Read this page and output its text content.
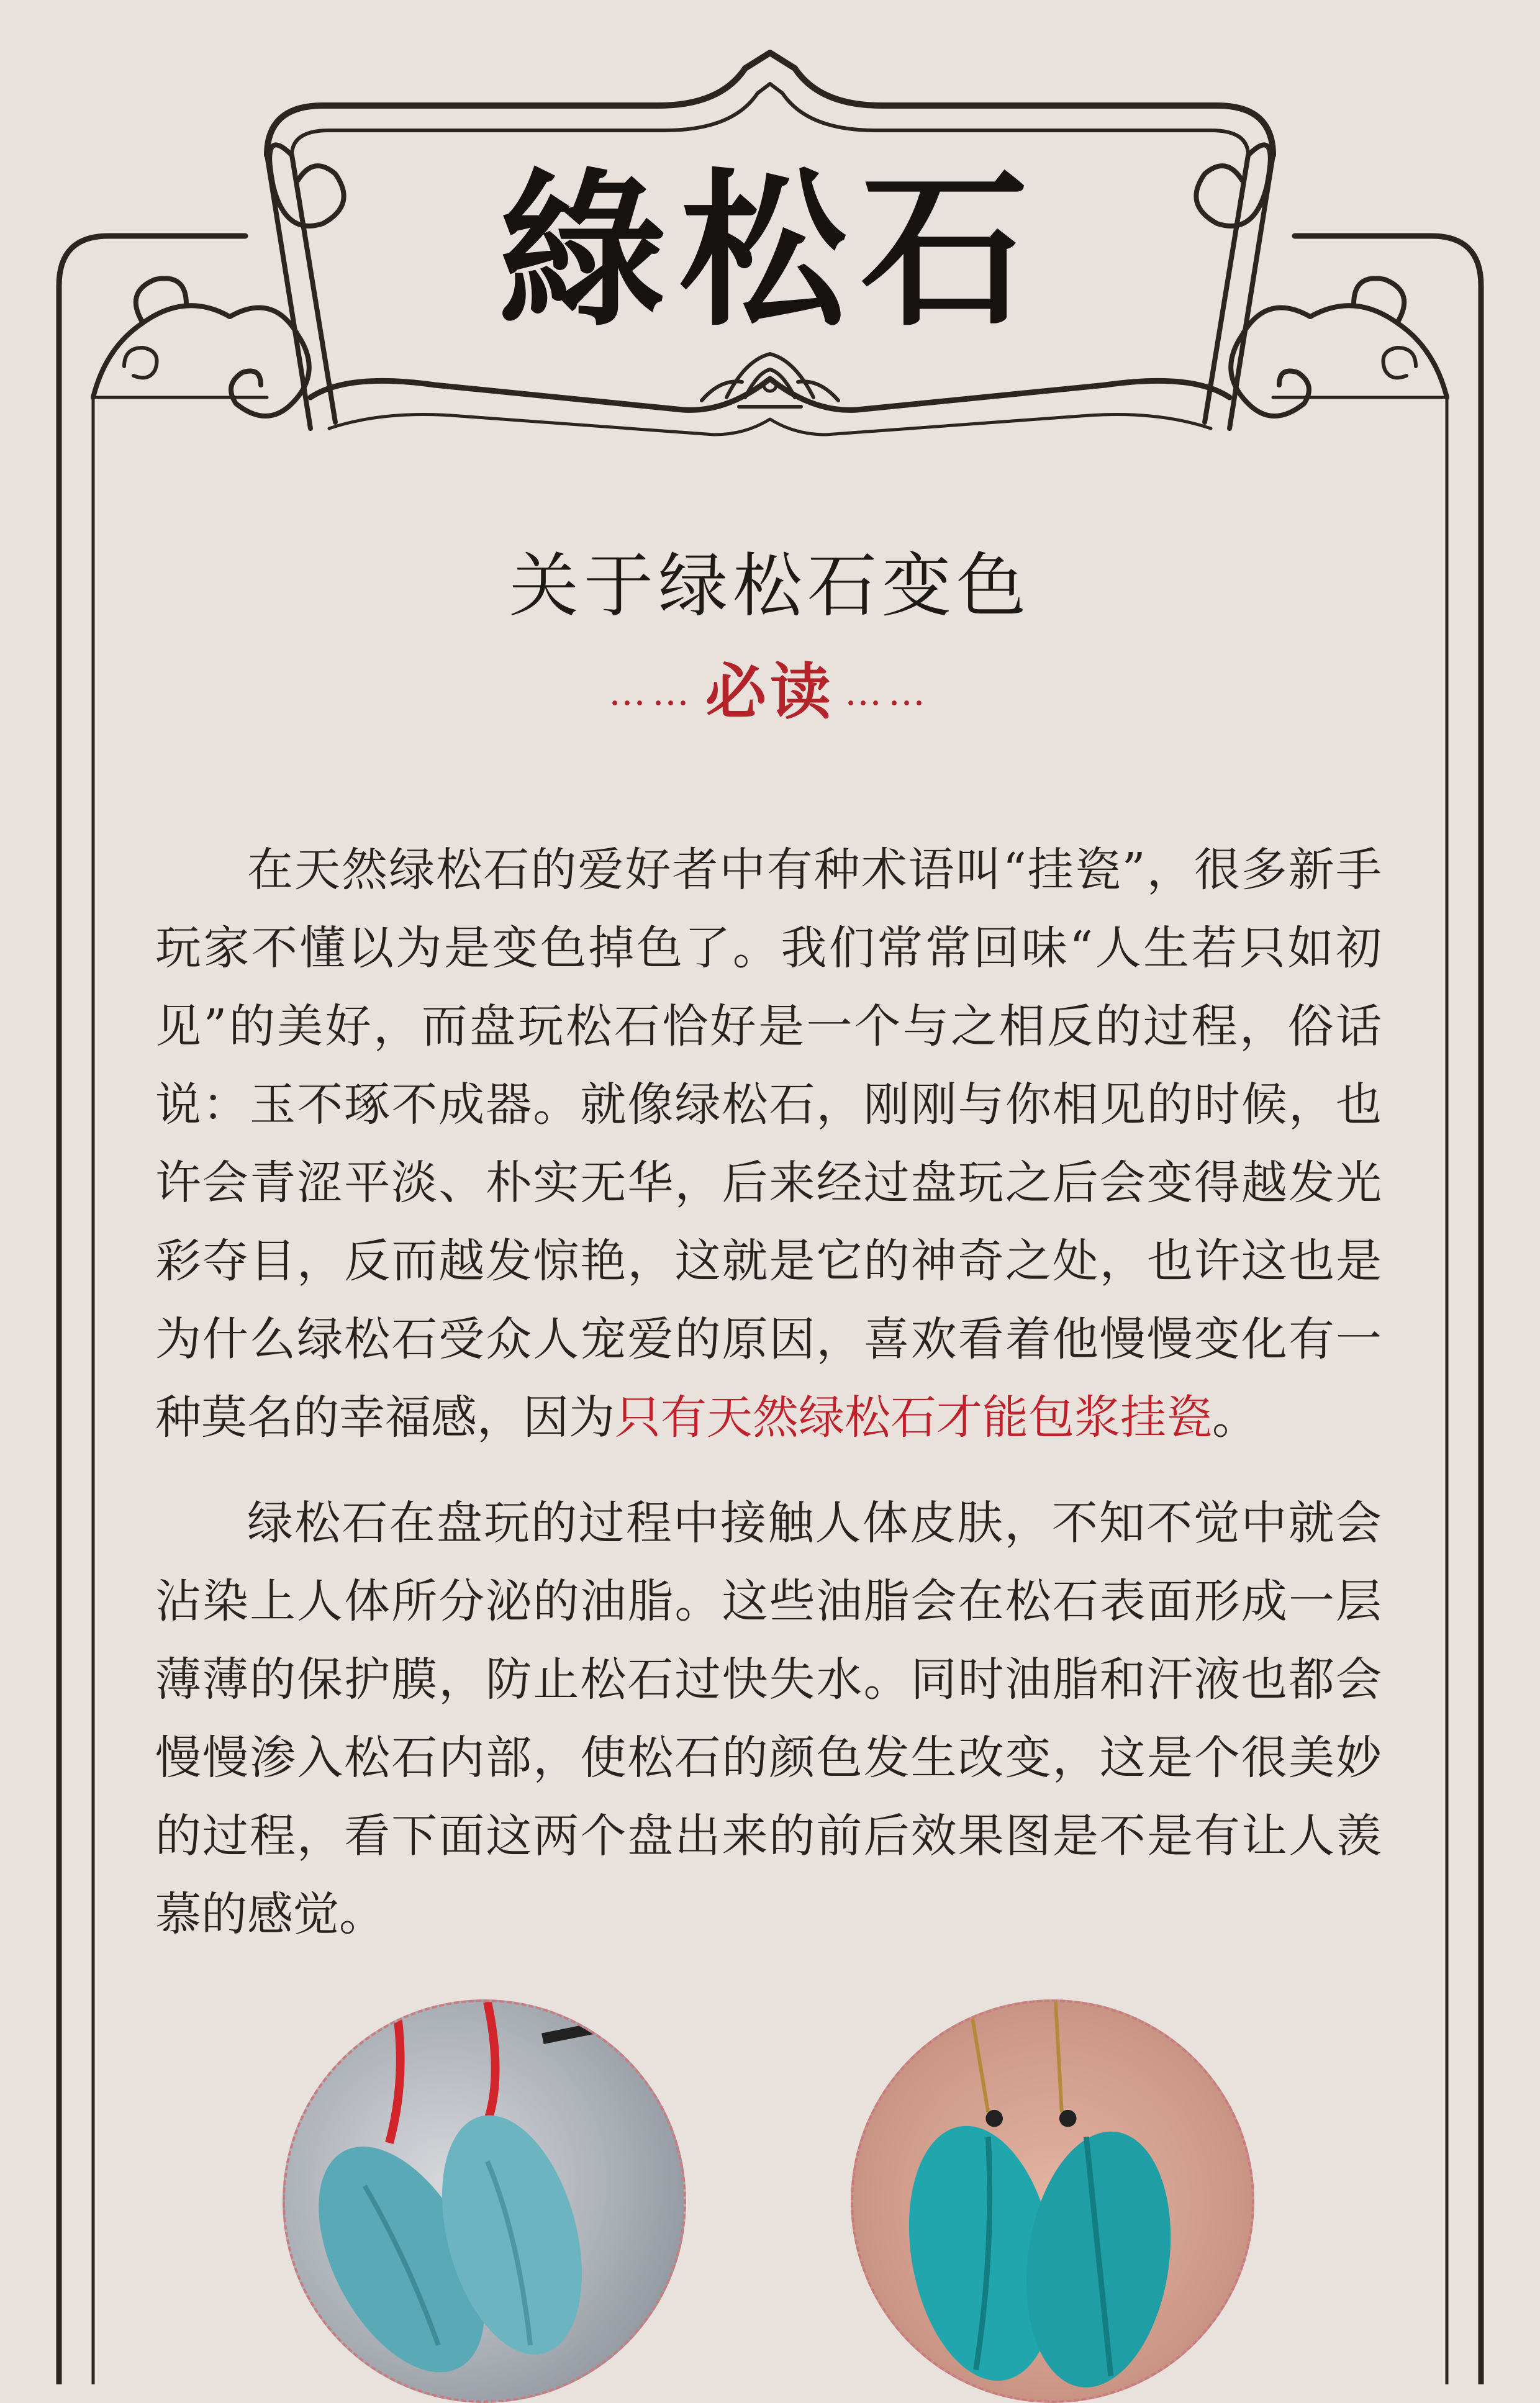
綠松石
关于绿松石变色
…… 必读 ……

在天然绿松石的爱好者中有种术语叫“挂瓷”，很多新手玩家不懂以为是变色掉色了。我们常常回味“人生若只如初见”的美好，而盘玩松石恰好是一个与之相反的过程，俗话说：玉不琢不成器。就像绿松石，刚刚与你相见的时候，也许会青涩平淡、朴实无华，后来经过盘玩之后会变得越发光彩夺目，反而越发惊艳，这就是它的神奇之处，也许这也是为什么绿松石受众人宠爱的原因，喜欢看着他慢慢变化有一种莫名的幸福感，因为只有天然绿松石才能包浆挂瓷。

绿松石在盘玩的过程中接触人体皮肤，不知不觉中就会沾染上人体所分泌的油脂。这些油脂会在松石表面形成一层薄薄的保护膜，防止松石过快失水。同时油脂和汗液也都会慢慢渗入松石内部，使松石的颜色发生改变，这是个很美妙的过程，看下面这两个盘出来的前后效果图是不是有让人羡慕的感觉。
